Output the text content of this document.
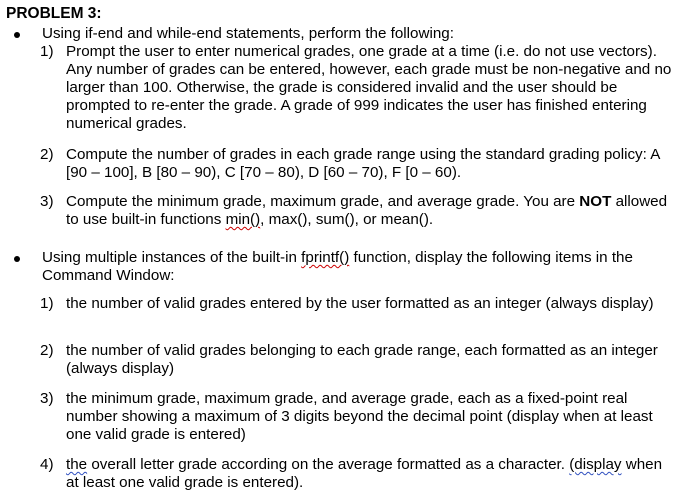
PROBLEM 3:
Using if-end and while-end statements, perform the following:
1) Prompt the user to enter numerical grades, one grade at a time (i.e. do not use vectors). Any number of grades can be entered, however, each grade must be non-negative and no larger than 100. Otherwise, the grade is considered invalid and the user should be prompted to re-enter the grade. A grade of 999 indicates the user has finished entering numerical grades.
2) Compute the number of grades in each grade range using the standard grading policy: A [90 – 100], B [80 – 90), C [70 – 80), D [60 – 70), F [0 – 60).
3) Compute the minimum grade, maximum grade, and average grade. You are NOT allowed to use built-in functions min(), max(), sum(), or mean().
Using multiple instances of the built-in fprintf() function, display the following items in the Command Window:
1) the number of valid grades entered by the user formatted as an integer (always display)
2) the number of valid grades belonging to each grade range, each formatted as an integer (always display)
3) the minimum grade, maximum grade, and average grade, each as a fixed-point real number showing a maximum of 3 digits beyond the decimal point (display when at least one valid grade is entered)
4) the overall letter grade according on the average formatted as a character. (display when at least one valid grade is entered).
